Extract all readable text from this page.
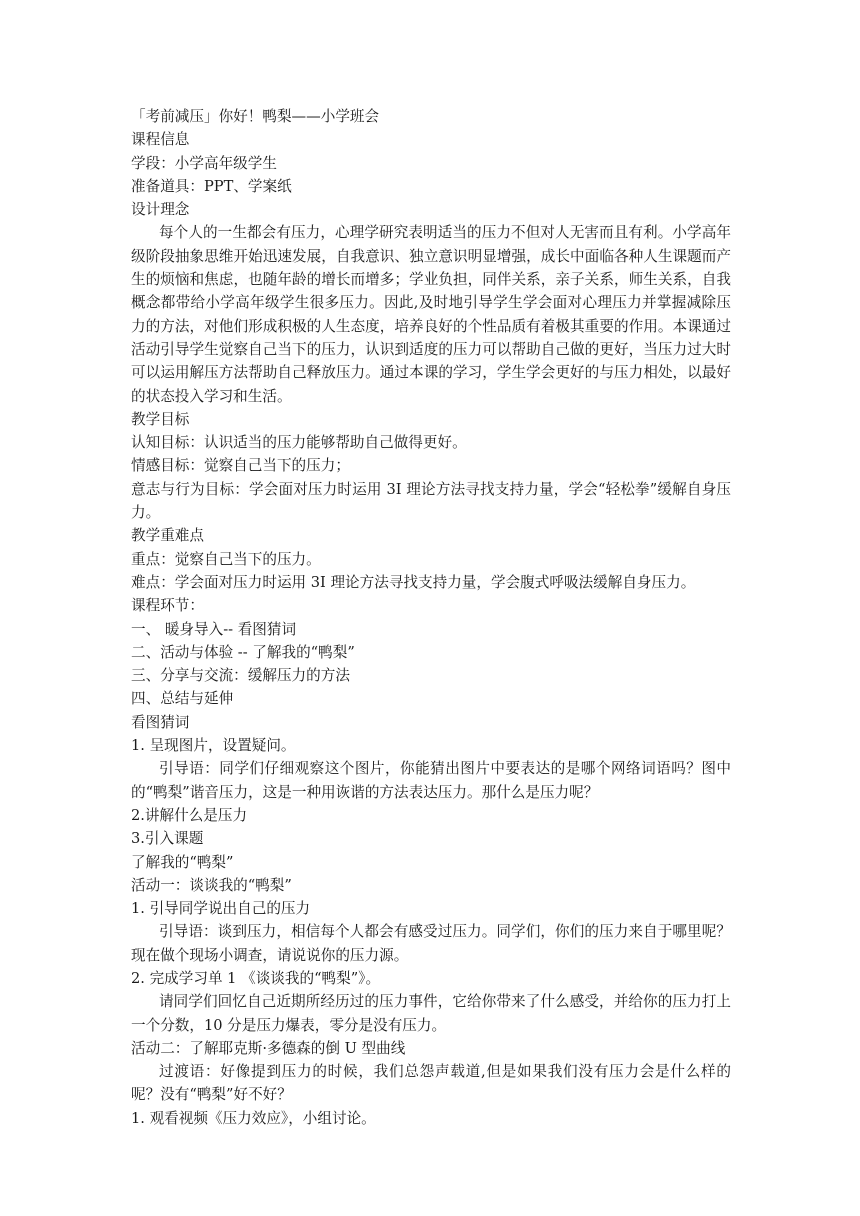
「考前减压」你好！鸭梨——小学班会
课程信息
学段：小学高年级学生
准备道具：PPT、学案纸
设计理念

每个人的一生都会有压力，心理学研究表明适当的压力不但对人无害而且有利。小学高年级阶段抽象思维开始迅速发展，自我意识、独立意识明显增强，成长中面临各种人生课题而产生的烦恼和焦虑，也随年龄的增长而增多；学业负担，同伴关系，亲子关系，师生关系，自我概念都带给小学高年级学生很多压力。因此,及时地引导学生学会面对心理压力并掌握减除压力的方法，对他们形成积极的人生态度，培养良好的个性品质有着极其重要的作用。本课通过活动引导学生觉察自己当下的压力，认识到适度的压力可以帮助自己做的更好，当压力过大时可以运用解压方法帮助自己释放压力。通过本课的学习，学生学会更好的与压力相处，以最好的状态投入学习和生活。

教学目标
认知目标：认识适当的压力能够帮助自己做得更好。
情感目标：觉察自己当下的压力；

意志与行为目标：学会面对压力时运用 3I 理论方法寻找支持力量，学会“轻松拳”缓解自身压力。

教学重难点
重点：觉察自己当下的压力。
难点：学会面对压力时运用 3I 理论方法寻找支持力量，学会腹式呼吸法缓解自身压力。
课程环节：
一、 暖身导入-- 看图猜词
二、活动与体验 -- 了解我的“鸭梨”
三、分享与交流：缓解压力的方法
四、总结与延伸
看图猜词
1. 呈现图片，设置疑问。

引导语：同学们仔细观察这个图片，你能猜出图片中要表达的是哪个网络词语吗？图中的“鸭梨”谐音压力，这是一种用诙谐的方法表达压力。那什么是压力呢？

2.讲解什么是压力
3.引入课题
了解我的“鸭梨”
活动一：谈谈我的“鸭梨”
1. 引导同学说出自己的压力

引导语：谈到压力，相信每个人都会有感受过压力。同学们，你们的压力来自于哪里呢？现在做个现场小调查，请说说你的压力源。

2. 完成学习单 1 《谈谈我的“鸭梨”》。

请同学们回忆自己近期所经历过的压力事件，它给你带来了什么感受，并给你的压力打上一个分数，10 分是压力爆表，零分是没有压力。

活动二：了解耶克斯·多德森的倒 U 型曲线

过渡语：好像提到压力的时候，我们总怨声载道,但是如果我们没有压力会是什么样的呢？没有“鸭梨”好不好？

1. 观看视频《压力效应》，小组讨论。
